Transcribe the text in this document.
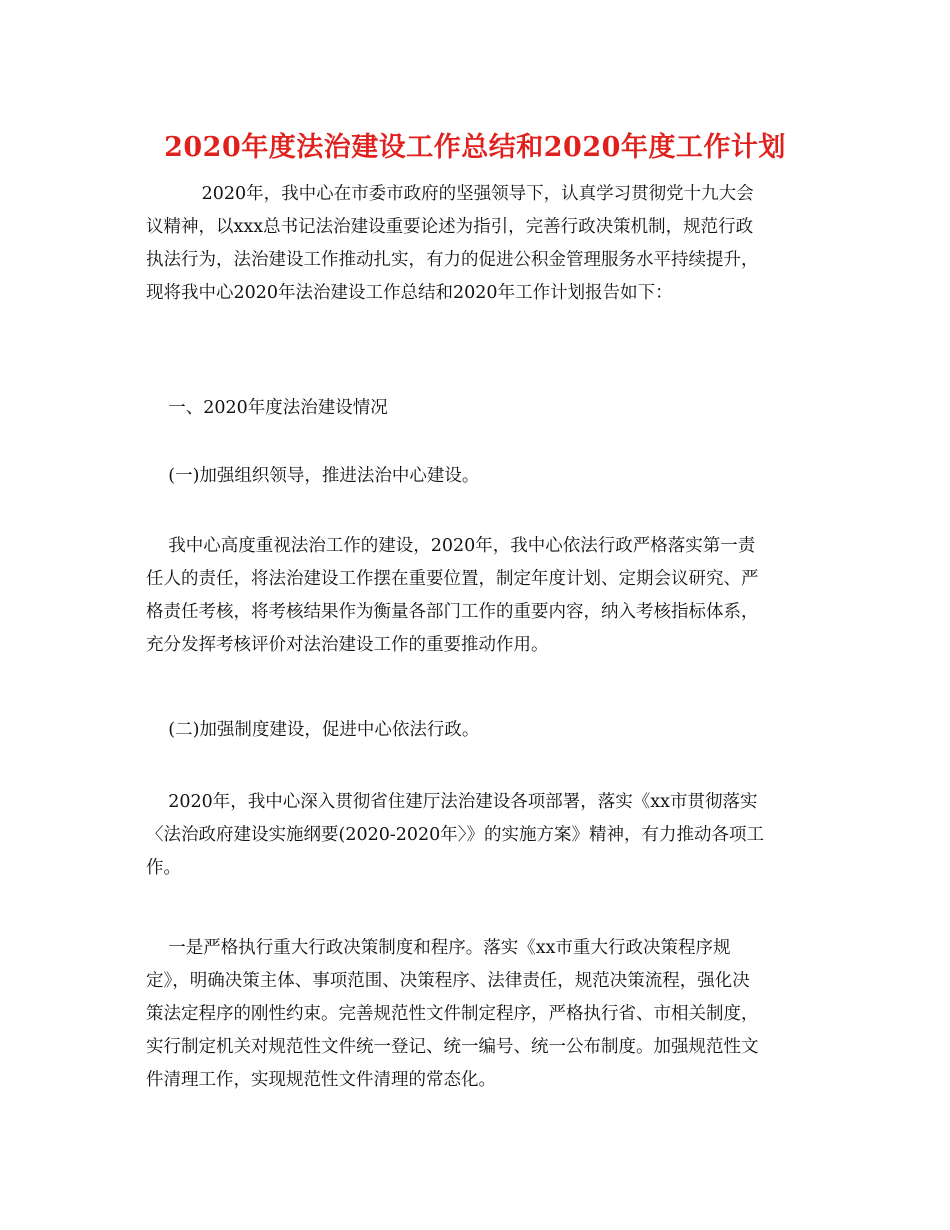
2020年度法治建设工作总结和2020年度工作计划
2020年，我中心在市委市政府的坚强领导下，认真学习贯彻党十九大会
议精神，以xxx总书记法治建设重要论述为指引，完善行政决策机制，规范行政
执法行为，法治建设工作推动扎实，有力的促进公积金管理服务水平持续提升，
现将我中心2020年法治建设工作总结和2020年工作计划报告如下：
一、2020年度法治建设情况
(一)加强组织领导，推进法治中心建设。
我中心高度重视法治工作的建设，2020年，我中心依法行政严格落实第一责
任人的责任，将法治建设工作摆在重要位置，制定年度计划、定期会议研究、严
格责任考核，将考核结果作为衡量各部门工作的重要内容，纳入考核指标体系，
充分发挥考核评价对法治建设工作的重要推动作用。
(二)加强制度建设，促进中心依法行政。
2020年，我中心深入贯彻省住建厅法治建设各项部署，落实《xx市贯彻落实
〈法治政府建设实施纲要(2020-2020年〉》的实施方案》精神，有力推动各项工
作。
一是严格执行重大行政决策制度和程序。落实《xx市重大行政决策程序规
定》，明确决策主体、事项范围、决策程序、法律责任，规范决策流程，强化决
策法定程序的刚性约束。完善规范性文件制定程序，严格执行省、市相关制度，
实行制定机关对规范性文件统一登记、统一编号、统一公布制度。加强规范性文
件清理工作，实现规范性文件清理的常态化。
